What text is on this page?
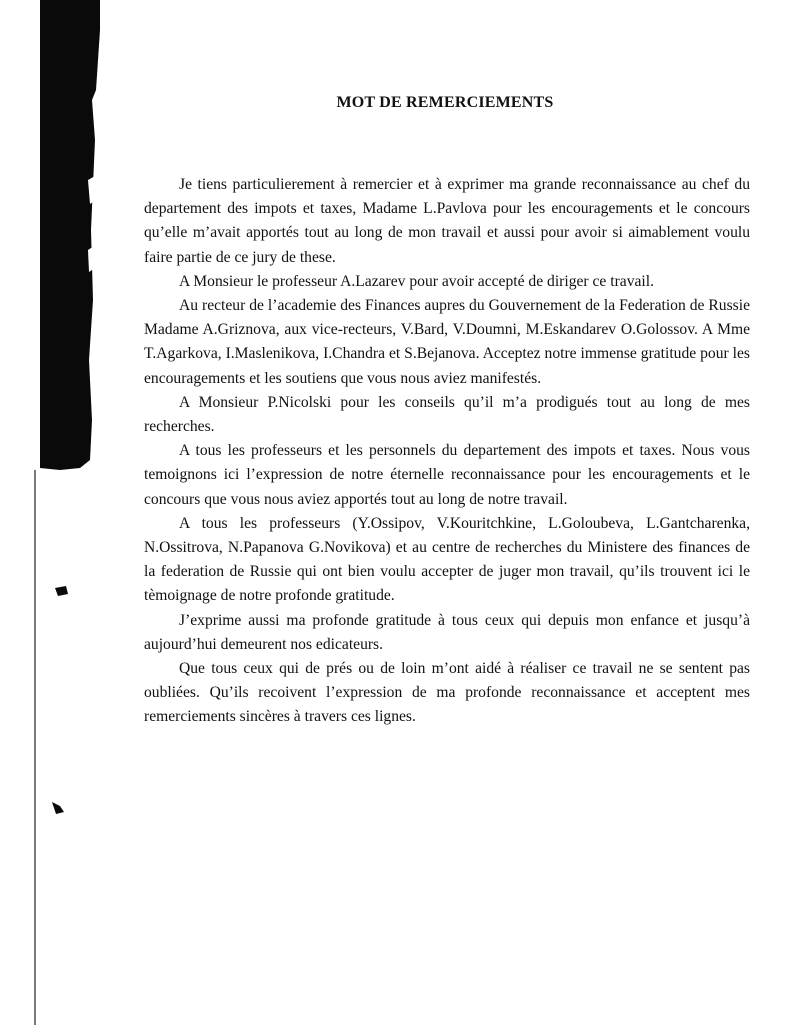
MOT DE REMERCIEMENTS

Je tiens particulierement à remercier et à exprimer ma grande reconnaissance au chef du departement des impots et taxes, Madame L.Pavlova pour les encouragements et le concours qu’elle m’avait apportés tout au long de mon travail et aussi pour avoir si aimablement voulu faire partie de ce jury de these.

A Monsieur le professeur A.Lazarev pour avoir accepté de diriger ce travail.

Au recteur de l’academie des Finances aupres du Gouvernement de la Federation de Russie Madame A.Griznova, aux vice-recteurs, V.Bard, V.Doumni, M.Eskandarev O.Golossov. A Mme T.Agarkova, I.Maslenikova, I.Chandra et S.Bejanova. Acceptez notre immense gratitude pour les encouragements et les soutiens que vous nous aviez manifestés.

A Monsieur P.Nicolski pour les conseils qu’il m’a prodigués tout au long de mes recherches.

A tous les professeurs et les personnels du departement des impots et taxes. Nous vous temoignons ici l’expression de notre éternelle reconnaissance pour les encouragements et le concours que vous nous aviez apportés tout au long de notre travail.

A tous les professeurs (Y.Ossipov, V.Kouritchkine, L.Goloubeva, L.Gantcharenka, N.Ossitrova, N.Papanova G.Novikova) et au centre de recherches du Ministere des finances de la federation de Russie qui ont bien voulu accepter de juger mon travail, qu’ils trouvent ici le tèmoignage de notre profonde gratitude.

J’exprime aussi ma profonde gratitude à tous ceux qui depuis mon enfance et jusqu’à aujourd’hui demeurent nos edicateurs.

Que tous ceux qui de prés ou de loin m’ont aidé à réaliser ce travail ne se sentent pas oubliées. Qu’ils recoivent l’expression de ma profonde reconnaissance et acceptent mes remerciements sincères à travers ces lignes.
